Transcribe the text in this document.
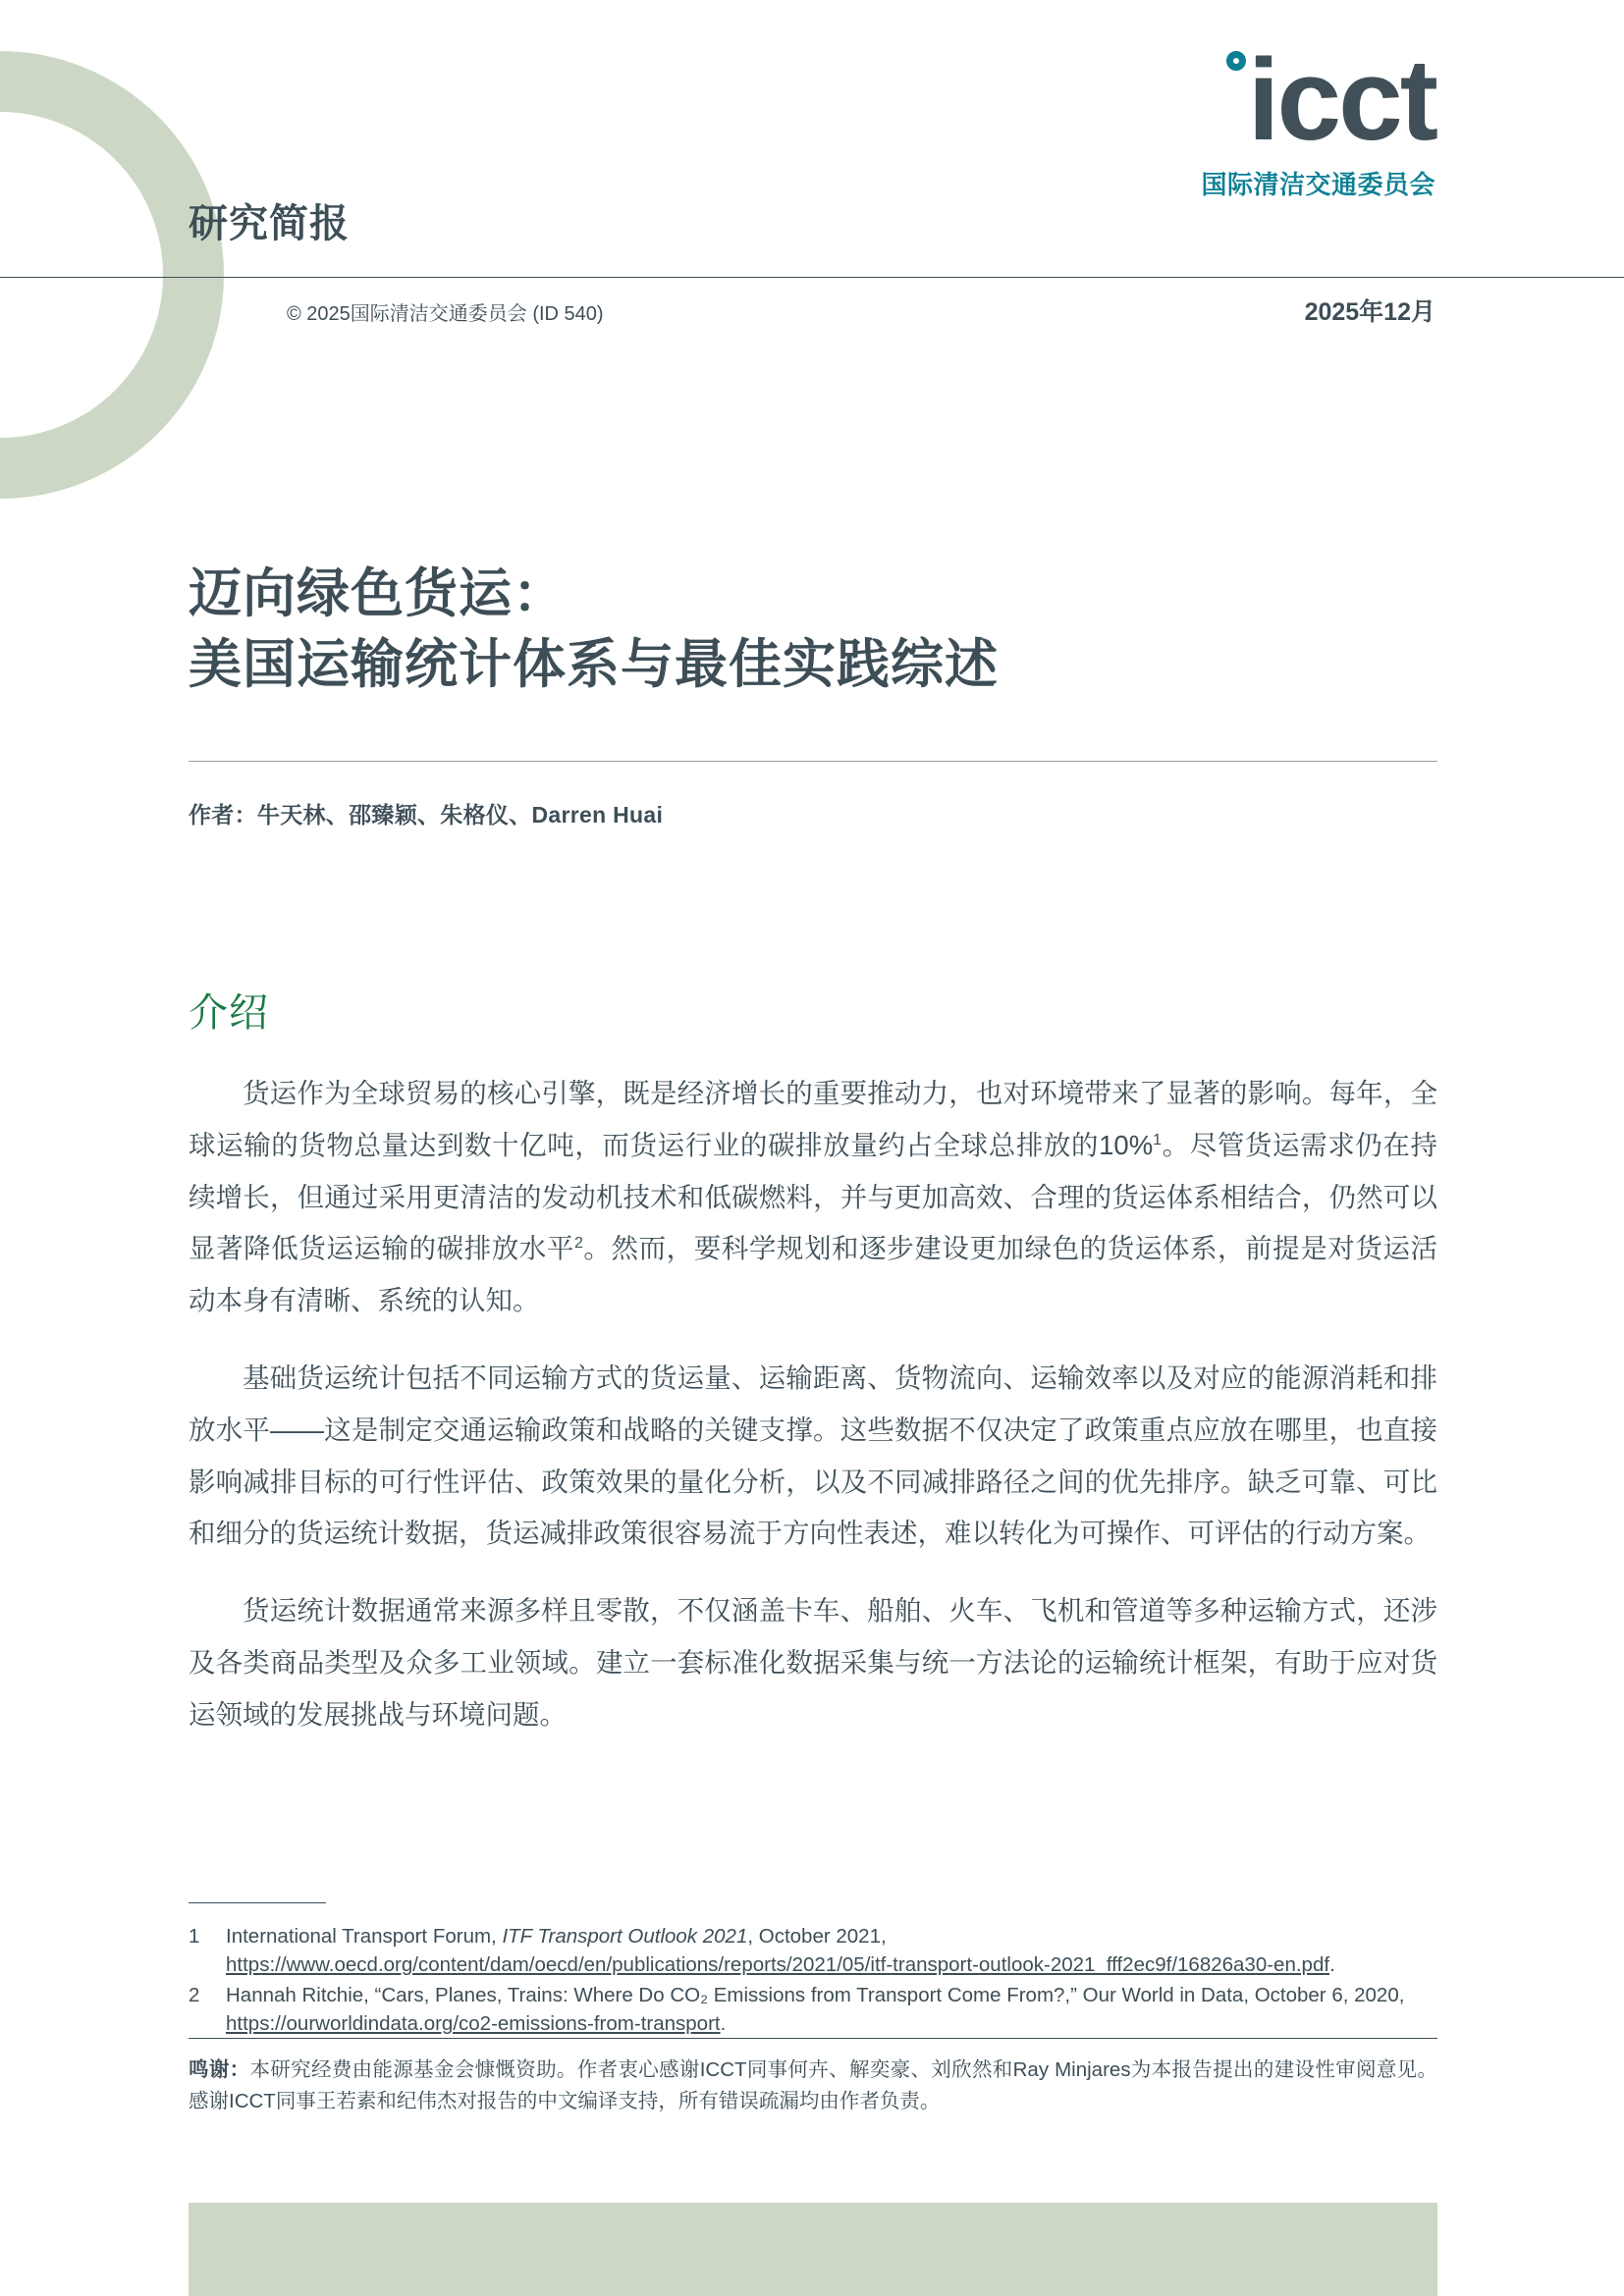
研究简报
icct
国际清洁交通委员会
© 2025国际清洁交通委员会 (ID 540)	2025年12月
迈向绿色货运：
美国运输统计体系与最佳实践综述
作者：牛天林、邵臻颖、朱格仪、Darren Huai
介绍

货运作为全球贸易的核心引擎，既是经济增长的重要推动力，也对环境带来了显著的影响。每年，全球运输的货物总量达到数十亿吨，而货运行业的碳排放量约占全球总排放的10%$^1$。尽管货运需求仍在持续增长，但通过采用更清洁的发动机技术和低碳燃料，并与更加高效、合理的货运体系相结合，仍然可以显著降低货运运输的碳排放水平$^2$。然而，要科学规划和逐步建设更加绿色的货运体系，前提是对货运活动本身有清晰、系统的认知。

基础货运统计包括不同运输方式的货运量、运输距离、货物流向、运输效率以及对应的能源消耗和排放水平——这是制定交通运输政策和战略的关键支撑。这些数据不仅决定了政策重点应放在哪里，也直接影响减排目标的可行性评估、政策效果的量化分析，以及不同减排路径之间的优先排序。缺乏可靠、可比和细分的货运统计数据，货运减排政策很容易流于方向性表述，难以转化为可操作、可评估的行动方案。

货运统计数据通常来源多样且零散，不仅涵盖卡车、船舶、火车、飞机和管道等多种运输方式，还涉及各类商品类型及众多工业领域。建立一套标准化数据采集与统一方法论的运输统计框架，有助于应对货运领域的发展挑战与环境问题。

1	International Transport Forum, ITF Transport Outlook 2021, October 2021, https://www.oecd.org/content/dam/oecd/en/publications/reports/2021/05/itf-transport-outlook-2021_fff2ec9f/16826a30-en.pdf.
2	Hannah Ritchie, “Cars, Planes, Trains: Where Do CO₂ Emissions from Transport Come From?,” Our World in Data, October 6, 2020, https://ourworldindata.org/co2-emissions-from-transport.
鸣谢：本研究经费由能源基金会慷慨资助。作者衷心感谢ICCT同事何卉、解奕豪、刘欣然和Ray Minjares为本报告提出的建设性审阅意见。感谢ICCT同事王若素和纪伟杰对报告的中文编译支持，所有错误疏漏均由作者负责。
